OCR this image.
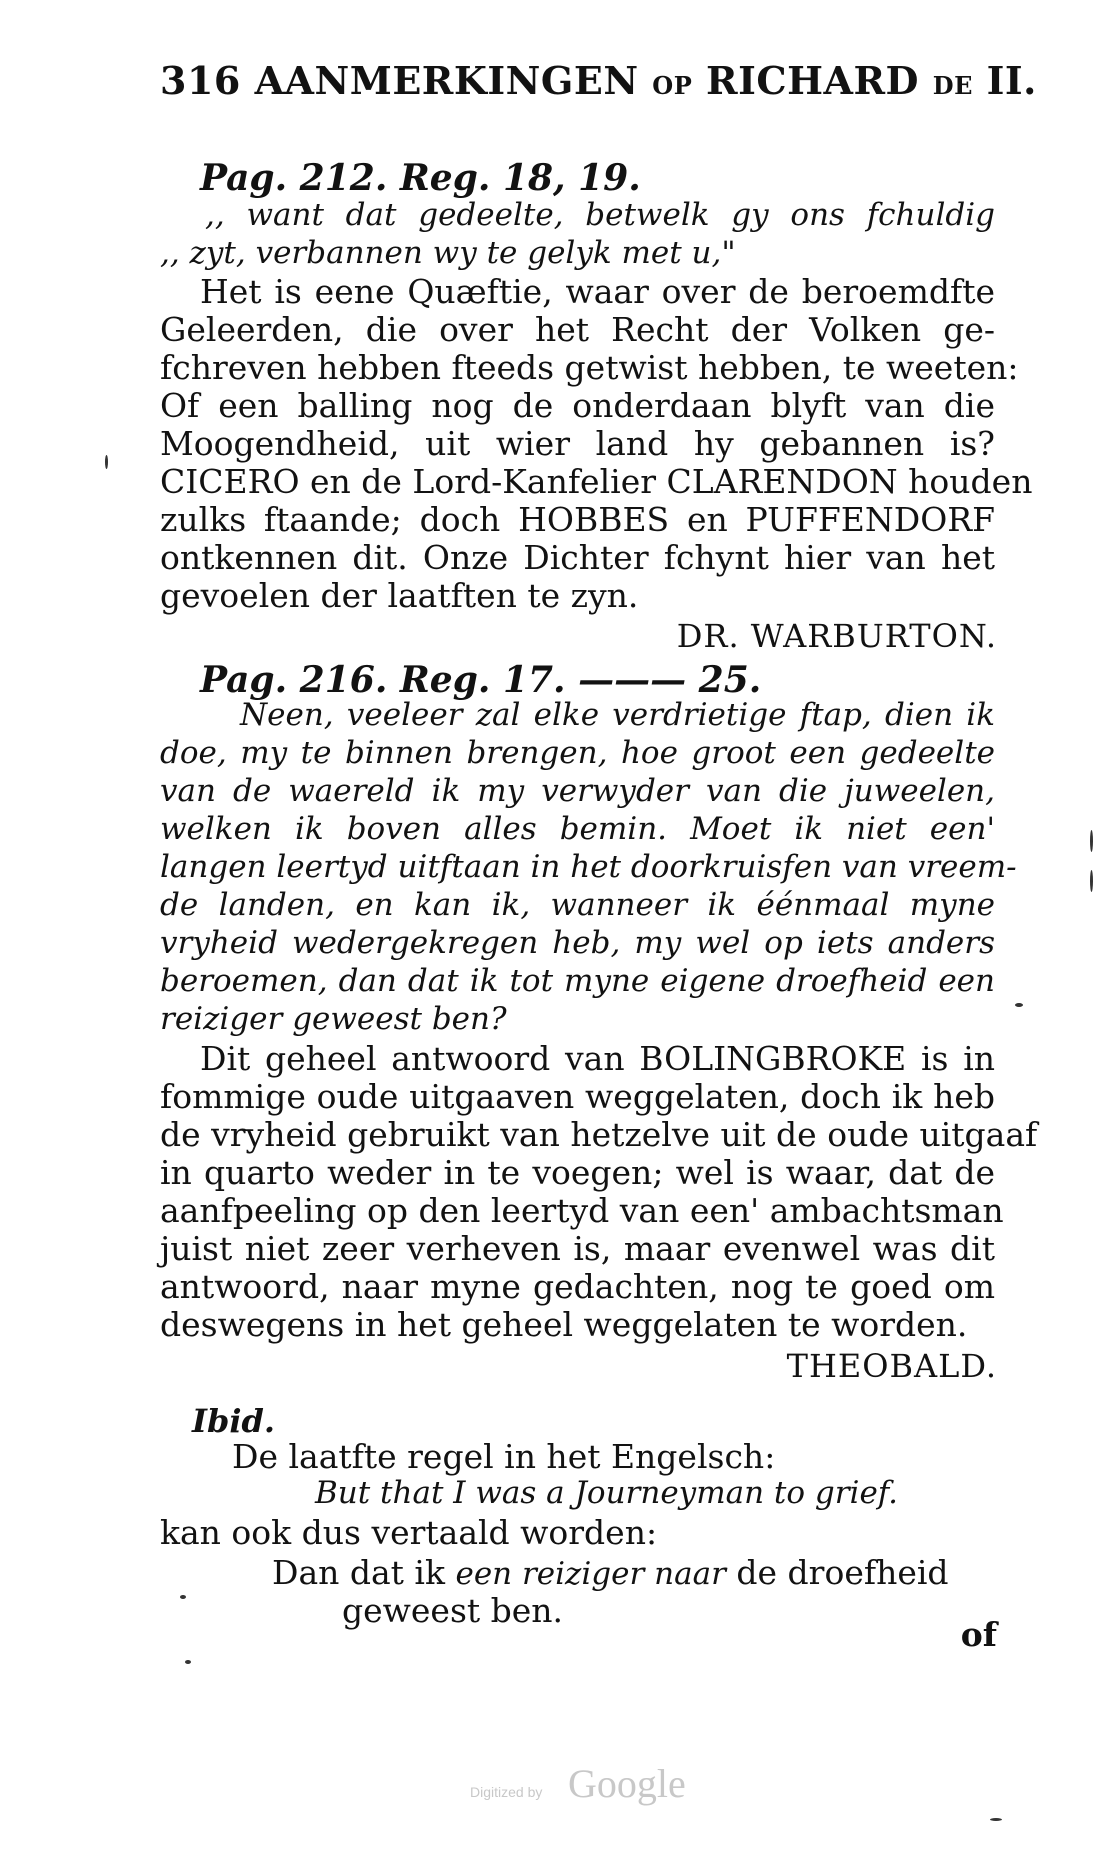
316 AANMERKINGEN OP RICHARD DE II.
Pag. 212. Reg. 18, 19.
,, want dat gedeelte, betwelk gy ons fchuldig
,, zyt, verbannen wy te gelyk met u,"
Het is eene Quæftie, waar over de beroemdfte
Geleerden, die over het Recht der Volken ge-
fchreven hebben fteeds getwist hebben, te weeten:
Of een balling nog de onderdaan blyft van die
Moogendheid, uit wier land hy gebannen is?
CICERO en de Lord-Kanfelier CLARENDON houden
zulks ftaande; doch HOBBES en PUFFENDORF
ontkennen dit. Onze Dichter fchynt hier van het
gevoelen der laatften te zyn.
DR. WARBURTON.
Pag. 216. Reg. 17. ——— 25.
Neen, veeleer zal elke verdrietige ftap, dien ik
doe, my te binnen brengen, hoe groot een gedeelte
van de waereld ik my verwyder van die juweelen,
welken ik boven alles bemin. Moet ik niet een'
langen leertyd uitftaan in het doorkruisfen van vreem-
de landen, en kan ik, wanneer ik éénmaal myne
vryheid wedergekregen heb, my wel op iets anders
beroemen, dan dat ik tot myne eigene droefheid een
reiziger geweest ben?
Dit geheel antwoord van BOLINGBROKE is in
fommige oude uitgaaven weggelaten, doch ik heb
de vryheid gebruikt van hetzelve uit de oude uitgaaf
in quarto weder in te voegen; wel is waar, dat de
aanfpeeling op den leertyd van een' ambachtsman
juist niet zeer verheven is, maar evenwel was dit
antwoord, naar myne gedachten, nog te goed om
deswegens in het geheel weggelaten te worden.
THEOBALD.
Ibid.
De laatfte regel in het Engelsch:
But that I was a Journeyman to grief.
kan ook dus vertaald worden:
Dan dat ik een reiziger naar de droefheid
geweest ben.
of
Digitized by Google
